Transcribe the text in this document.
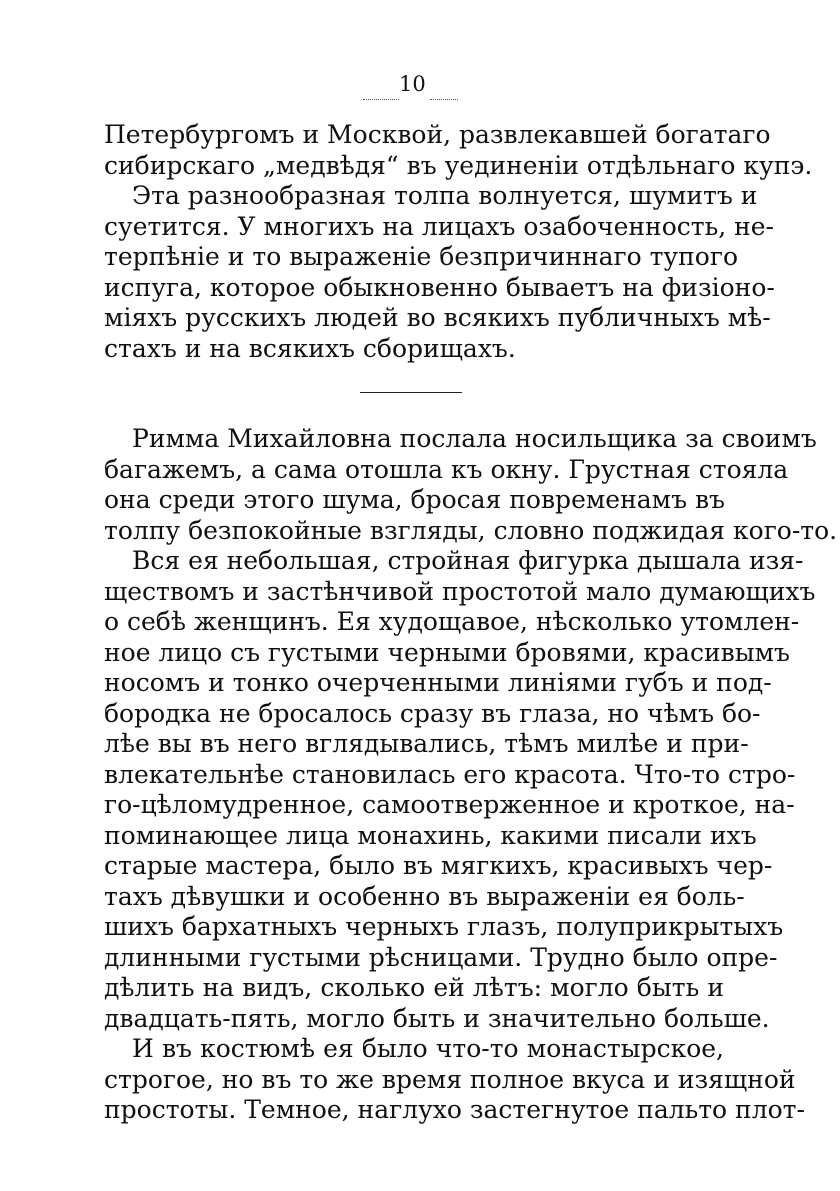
10
Петербургомъ и Москвой, развлекавшей богатаго
сибирскаго „медвѣдя“ въ уединенiи отдѣльнаго купэ.
Эта разнообразная толпа волнуется, шумитъ и
суетится. У многихъ на лицахъ озабоченность, не-
терпѣнiе и то выраженiе безпричиннаго тупого
испуга, которое обыкновенно бываетъ на физiоно-
мiяхъ русскихъ людей во всякихъ публичныхъ мѣ-
стахъ и на всякихъ сборищахъ.
Римма Михайловна послала носильщика за своимъ
багажемъ, а сама отошла къ окну. Грустная стояла
она среди этого шума, бросая повременамъ въ
толпу безпокойные взгляды, словно поджидая кого-то.
Вся ея небольшая, стройная фигурка дышала изя-
ществомъ и застѣнчивой простотой мало думающихъ
о себѣ женщинъ. Ея худощавое, нѣсколько утомлен-
ное лицо съ густыми черными бровями, красивымъ
носомъ и тонко очерченными линiями губъ и под-
бородка не бросалось сразу въ глаза, но чѣмъ бо-
лѣе вы въ него вглядывались, тѣмъ милѣе и при-
влекательнѣе становилась его красота. Что-то стро-
го-цѣломудренное, самоотверженное и кроткое, на-
поминающее лица монахинь, какими писали ихъ
старые мастера, было въ мягкихъ, красивыхъ чер-
тахъ дѣвушки и особенно въ выраженiи ея боль-
шихъ бархатныхъ черныхъ глазъ, полуприкрытыхъ
длинными густыми рѣсницами. Трудно было опре-
дѣлить на видъ, сколько ей лѣтъ: могло быть и
двадцать-пять, могло быть и значительно больше.
И въ костюмѣ ея было что-то монастырское,
строгое, но въ то же время полное вкуса и изящной
простоты. Темное, наглухо застегнутое пальто плот-
